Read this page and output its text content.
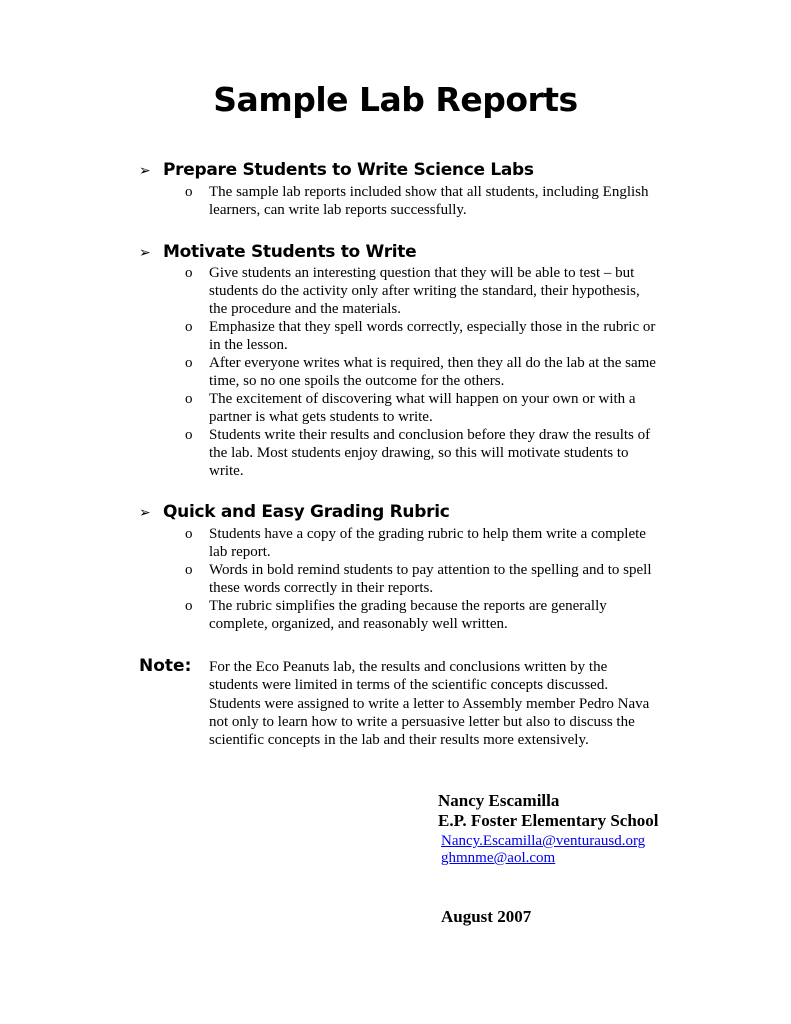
Sample Lab Reports
➢ Prepare Students to Write Science Labs
o The sample lab reports included show that all students, including English
learners, can write lab reports successfully.
➢ Motivate Students to Write
o Give students an interesting question that they will be able to test – but
students do the activity only after writing the standard, their hypothesis,
the procedure and the materials.
o Emphasize that they spell words correctly, especially those in the rubric or
in the lesson.
o After everyone writes what is required, then they all do the lab at the same
time, so no one spoils the outcome for the others.
o The excitement of discovering what will happen on your own or with a
partner is what gets students to write.
o Students write their results and conclusion before they draw the results of
the lab. Most students enjoy drawing, so this will motivate students to
write.
➢ Quick and Easy Grading Rubric
o Students have a copy of the grading rubric to help them write a complete
lab report.
o Words in bold remind students to pay attention to the spelling and to spell
these words correctly in their reports.
o The rubric simplifies the grading because the reports are generally
complete, organized, and reasonably well written.
Note: For the Eco Peanuts lab, the results and conclusions written by the
students were limited in terms of the scientific concepts discussed.
Students were assigned to write a letter to Assembly member Pedro Nava
not only to learn how to write a persuasive letter but also to discuss the
scientific concepts in the lab and their results more extensively.
Nancy Escamilla
E.P. Foster Elementary School
Nancy.Escamilla@venturausd.org
ghmnme@aol.com
August 2007
